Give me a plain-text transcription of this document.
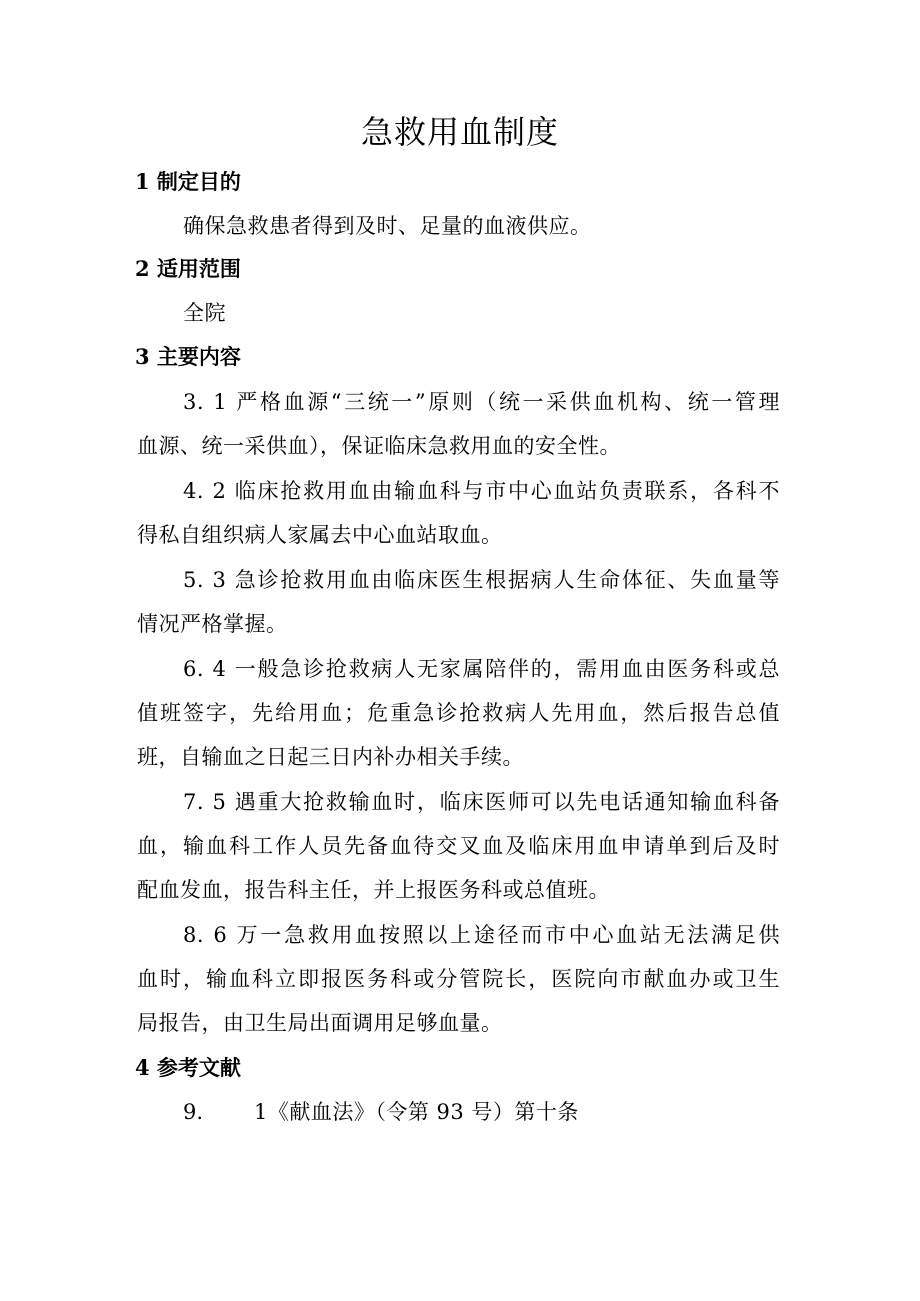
急救用血制度
1 制定目的
确保急救患者得到及时、足量的血液供应。
2 适用范围
全院
3 主要内容
3. 1 严格血源“三统一”原则（统一采供血机构、统一管理
血源、统一采供血），保证临床急救用血的安全性。
4. 2 临床抢救用血由输血科与市中心血站负责联系，各科不
得私自组织病人家属去中心血站取血。
5. 3 急诊抢救用血由临床医生根据病人生命体征、失血量等
情况严格掌握。
6. 4 一般急诊抢救病人无家属陪伴的，需用血由医务科或总
值班签字，先给用血；危重急诊抢救病人先用血，然后报告总值
班，自输血之日起三日内补办相关手续。
7. 5 遇重大抢救输血时，临床医师可以先电话通知输血科备
血，输血科工作人员先备血待交叉血及临床用血申请单到后及时
配血发血，报告科主任，并上报医务科或总值班。
8. 6 万一急救用血按照以上途径而市中心血站无法满足供
血时，输血科立即报医务科或分管院长，医院向市献血办或卫生
局报告，由卫生局出面调用足够血量。
4 参考文献
9. 1《献血法》（令第 93 号）第十条
